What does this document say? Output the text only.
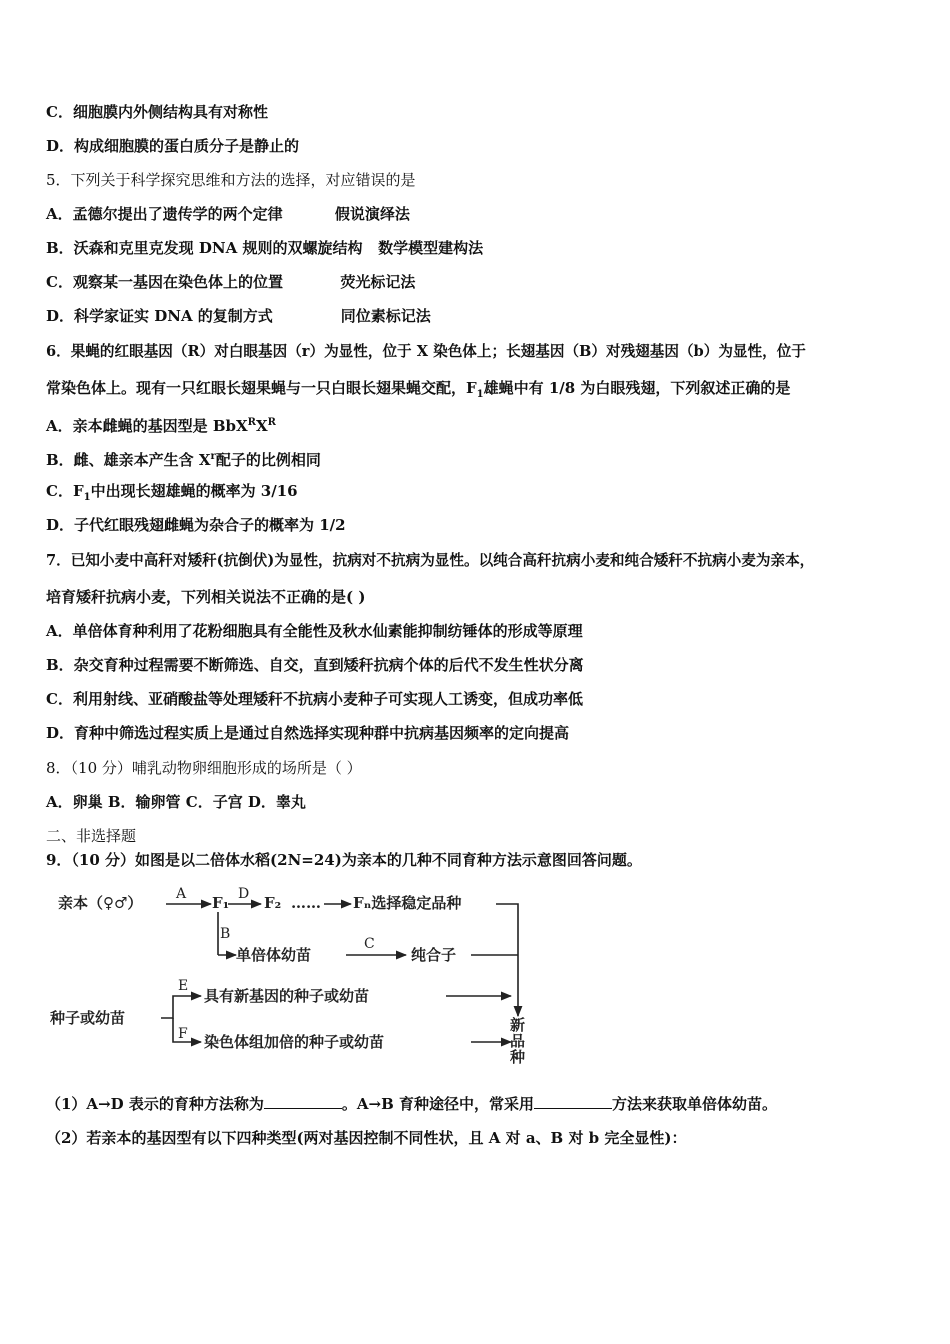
C．细胞膜内外侧结构具有对称性
D．构成细胞膜的蛋白质分子是静止的
5．下列关于科学探究思维和方法的选择，对应错误的是
A．孟德尔提出了遗传学的两个定律          假说演绎法
B．沃森和克里克发现 DNA 规则的双螺旋结构   数学模型建构法
C．观察某一基因在染色体上的位置           荧光标记法
D．科学家证实 DNA 的复制方式             同位素标记法
6．果蝇的红眼基因（R）对白眼基因（r）为显性，位于 X 染色体上；长翅基因（B）对残翅基因（b）为显性，位于
常染色体上。现有一只红眼长翅果蝇与一只白眼长翅果蝇交配，$F_1$雄蝇中有 1/8 为白眼残翅，下列叙述正确的是
A．亲本雌蝇的基因型是 $BbX^RX^R$
B．雌、雄亲本产生含 $X^r$配子的比例相同
C．$F_1$中出现长翅雄蝇的概率为 3/16
D．子代红眼残翅雌蝇为杂合子的概率为 1/2
7．已知小麦中高秆对矮秆(抗倒伏)为显性，抗病对不抗病为显性。以纯合高秆抗病小麦和纯合矮秆不抗病小麦为亲本，
培育矮秆抗病小麦，下列相关说法不正确的是( )
A．单倍体育种利用了花粉细胞具有全能性及秋水仙素能抑制纺锤体的形成等原理
B．杂交育种过程需要不断筛选、自交，直到矮秆抗病个体的后代不发生性状分离
C．利用射线、亚硝酸盐等处理矮秆不抗病小麦种子可实现人工诱变，但成功率低
D．育种中筛选过程实质上是通过自然选择实现种群中抗病基因频率的定向提高
8．（10 分）哺乳动物卵细胞形成的场所是（ ）
A．卵巢 B．输卵管 C．子宫 D．睾丸
二、非选择题
9．（10 分）如图是以二倍体水稻(2N=24)为亲本的几种不同育种方法示意图回答问题。
亲本（♀♂） A F₁ D F₂ …… Fₙ选择稳定品种
B
单倍体幼苗
C
纯合子
种子或幼苗
E
具有新基因的种子或幼苗
F 染色体组加倍的种子或幼苗
新
品
种
（1）A→D 表示的育种方法称为	。A→B 育种途径中，常采用	方法来获取单倍体幼苗。
（2）若亲本的基因型有以下四种类型(两对基因控制不同性状，且 A 对 a、B 对 b 完全显性)：
